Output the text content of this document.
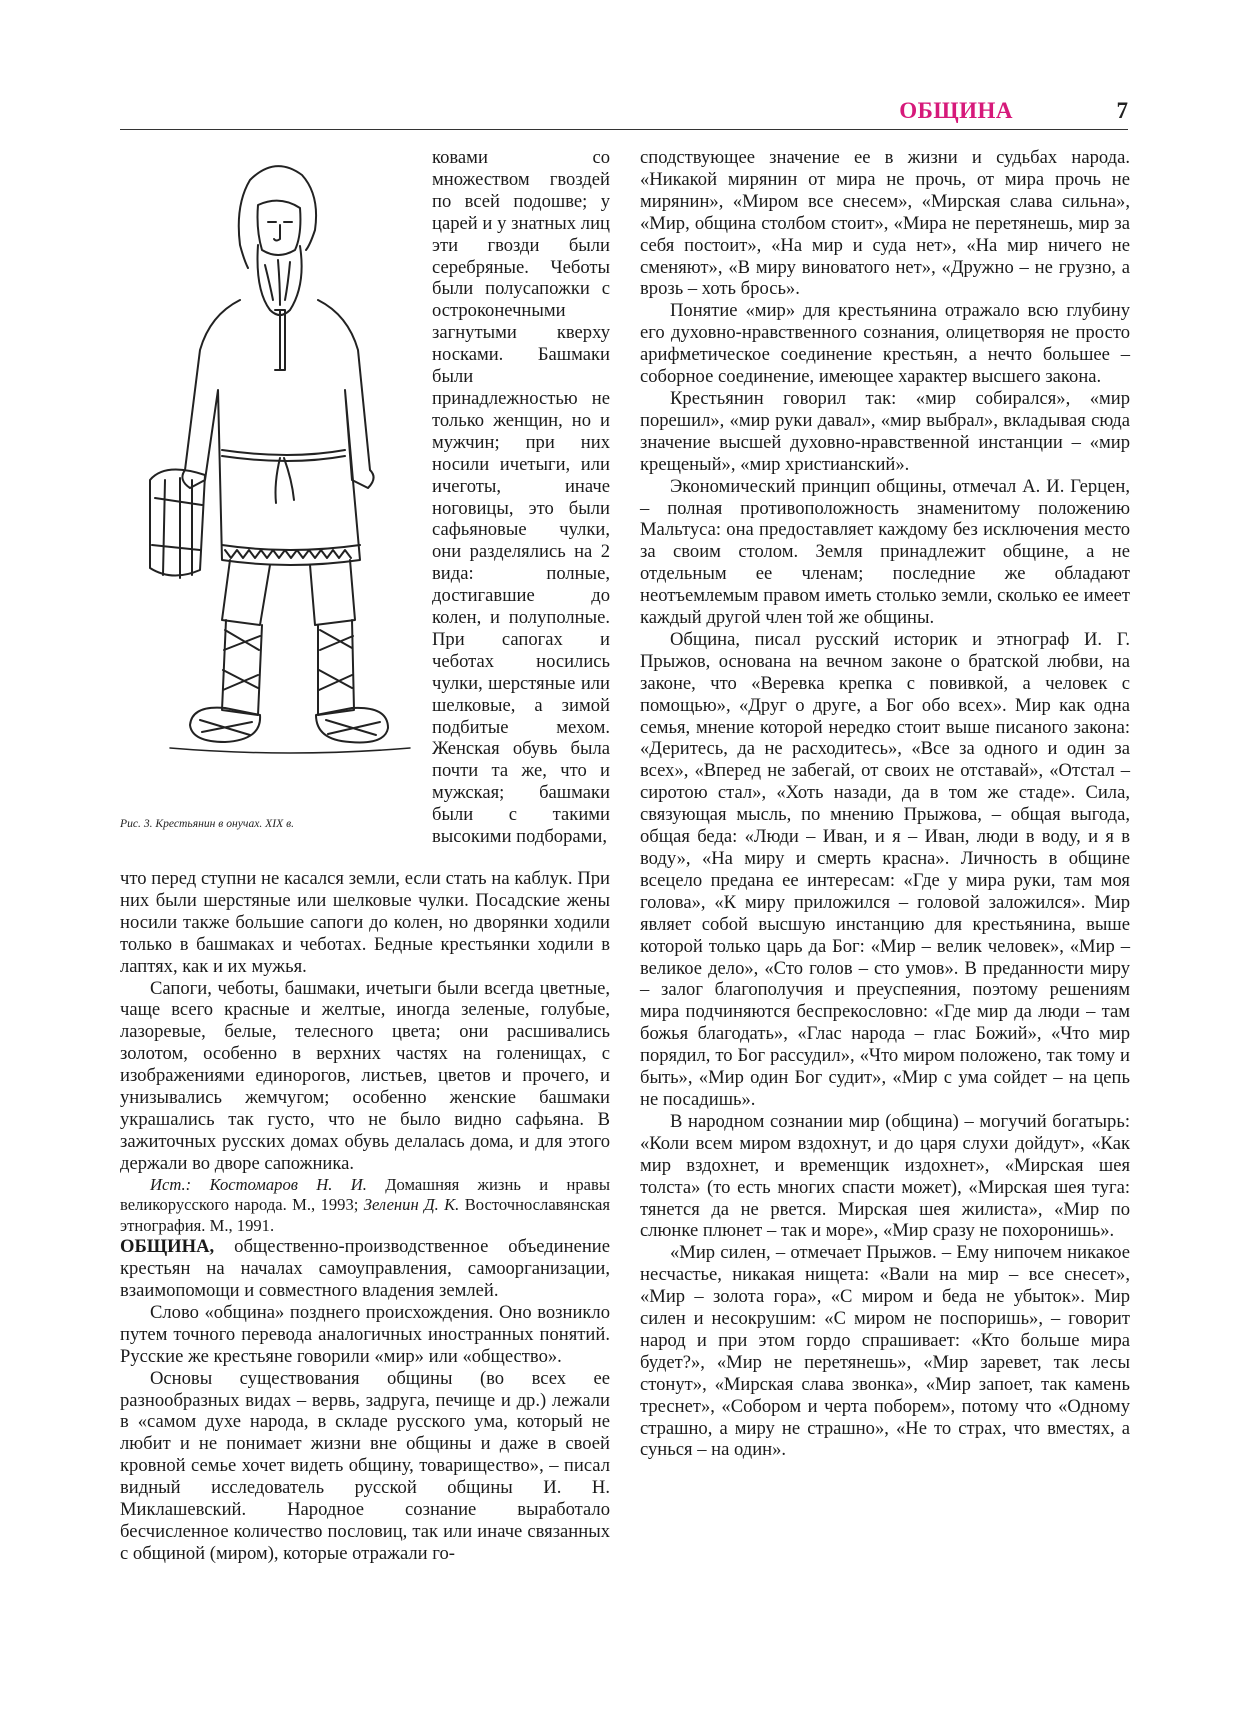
ОБЩИНА	7
Рис. 3. Крестьянин в онучах. XIX в.

ковами со множеством гвоздей по всей подошве; у царей и у знатных лиц эти гвозди были серебряные. Чеботы были полусапожки с остроконечными загнутыми кверху носками. Башмаки были принадлежностью не только женщин, но и мужчин; при них носили ичетыги, или ичеготы, иначе ноговицы, это были сафьяновые чулки, они разделялись на 2 вида: полные, достигавшие до колен, и полуполные. При сапогах и чеботах носились чулки, шерстяные или шелковые, а зимой подбитые мехом. Женская обувь была почти та же, что и мужская; башмаки были с такими высокими подборами,

что перед ступни не касался земли, если стать на каблук. При них были шерстяные или шелковые чулки. Посадские жены носили также большие сапоги до колен, но дворянки ходили только в башмаках и чеботах. Бедные крестьянки ходили в лаптях, как и их мужья.

Сапоги, чеботы, башмаки, ичетыги были всегда цветные, чаще всего красные и желтые, иногда зеленые, голубые, лазоревые, белые, телесного цвета; они расшивались золотом, особенно в верхних частях на голенищах, с изображениями единорогов, листьев, цветов и прочего, и унизывались жемчугом; особенно женские башмаки украшались так густо, что не было видно сафьяна. В зажиточных русских домах обувь делалась дома, и для этого держали во дворе сапожника.

Ист.: Костомаров Н. И. Домашняя жизнь и нравы великорусского народа. М., 1993; Зеленин Д. К. Восточнославянская этнография. М., 1991.

ОБЩИНА, общественно-производственное объединение крестьян на началах самоуправления, самоорганизации, взаимопомощи и совместного владения землей.

Слово «община» позднего происхождения. Оно возникло путем точного перевода аналогичных иностранных понятий. Русские же крестьяне говорили «мир» или «общество».

Основы существования общины (во всех ее разнообразных видах – вервь, задруга, печище и др.) лежали в «самом духе народа, в складе русского ума, который не любит и не понимает жизни вне общины и даже в своей кровной семье хочет видеть общину, товарищество», – писал видный исследователь русской общины И. Н. Миклашевский. Народное сознание выработало бесчисленное количество пословиц, так или иначе связанных с общиной (миром), которые отражали го-

сподствующее значение ее в жизни и судьбах народа. «Никакой мирянин от мира не прочь, от мира прочь не мирянин», «Миром все снесем», «Мирская слава сильна», «Мир, община столбом стоит», «Мира не перетянешь, мир за себя постоит», «На мир и суда нет», «На мир ничего не сменяют», «В миру виноватого нет», «Дружно – не грузно, а врозь – хоть брось».

Понятие «мир» для крестьянина отражало всю глубину его духовно-нравственного сознания, олицетворяя не просто арифметическое соединение крестьян, а нечто большее – соборное соединение, имеющее характер высшего закона.

Крестьянин говорил так: «мир собирался», «мир порешил», «мир руки давал», «мир выбрал», вкладывая сюда значение высшей духовно-нравственной инстанции – «мир крещеный», «мир христианский».

Экономический принцип общины, отмечал А. И. Герцен, – полная противоположность знаменитому положению Мальтуса: она предоставляет каждому без исключения место за своим столом. Земля принадлежит общине, а не отдельным ее членам; последние же обладают неотъемлемым правом иметь столько земли, сколько ее имеет каждый другой член той же общины.

Община, писал русский историк и этнограф И. Г. Прыжов, основана на вечном законе о братской любви, на законе, что «Веревка крепка с повивкой, а человек с помощью», «Друг о друге, а Бог обо всех». Мир как одна семья, мнение которой нередко стоит выше писаного закона: «Деритесь, да не расходитесь», «Все за одного и один за всех», «Вперед не забегай, от своих не отставай», «Отстал – сиротою стал», «Хоть назади, да в том же стаде». Сила, связующая мысль, по мнению Прыжова, – общая выгода, общая беда: «Люди – Иван, и я – Иван, люди в воду, и я в воду», «На миру и смерть красна». Личность в общине всецело предана ее интересам: «Где у мира руки, там моя голова», «К миру приложился – головой заложился». Мир являет собой высшую инстанцию для крестьянина, выше которой только царь да Бог: «Мир – велик человек», «Мир – великое дело», «Сто голов – сто умов». В преданности миру – залог благополучия и преуспеяния, поэтому решениям мира подчиняются беспрекословно: «Где мир да люди – там божья благодать», «Глас народа – глас Божий», «Что мир порядил, то Бог рассудил», «Что миром положено, так тому и быть», «Мир один Бог судит», «Мир с ума сойдет – на цепь не посадишь».

В народном сознании мир (община) – могучий богатырь: «Коли всем миром вздохнут, и до царя слухи дойдут», «Как мир вздохнет, и временщик издохнет», «Мирская шея толста» (то есть многих спасти может), «Мирская шея туга: тянется да не рвется. Мирская шея жилиста», «Мир по слюнке плюнет – так и море», «Мир сразу не похоронишь».

«Мир силен, – отмечает Прыжов. – Ему нипочем никакое несчастье, никакая нищета: «Вали на мир – все снесет», «Мир – золота гора», «С миром и беда не убыток». Мир силен и несокрушим: «С миром не поспоришь», – говорит народ и при этом гордо спрашивает: «Кто больше мира будет?», «Мир не перетянешь», «Мир заревет, так лесы стонут», «Мирская слава звонка», «Мир запоет, так камень треснет», «Собором и черта поборем», потому что «Одному страшно, а миру не страшно», «Не то страх, что вместях, а сунься – на один».
